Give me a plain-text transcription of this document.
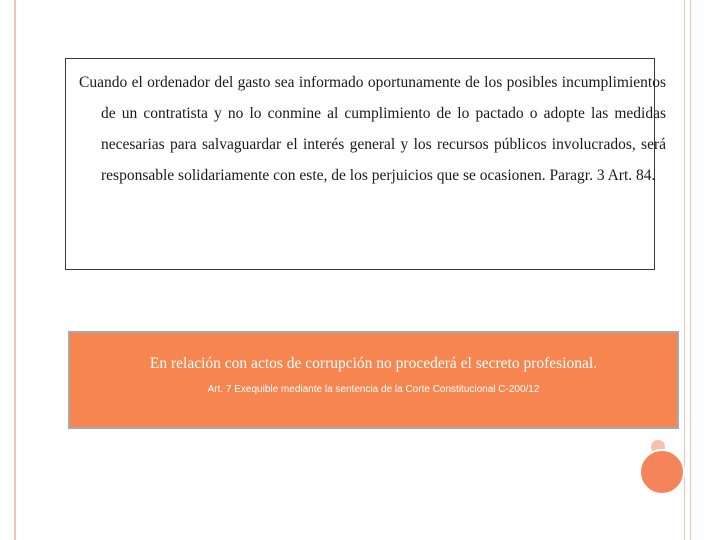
Cuando el ordenador del gasto sea informado oportunamente de los posibles incumplimientos de un contratista y no lo conmine al cumplimiento de lo pactado o adopte las medidas necesarias para salvaguardar el interés general y los recursos públicos involucrados, será responsable solidariamente con este, de los perjuicios que se ocasionen. Paragr. 3 Art. 84.

En relación con actos de corrupción no procederá el secreto profesional.
Art. 7 Exequible mediante la sentencia de la Corte Constitucional C-200/12
